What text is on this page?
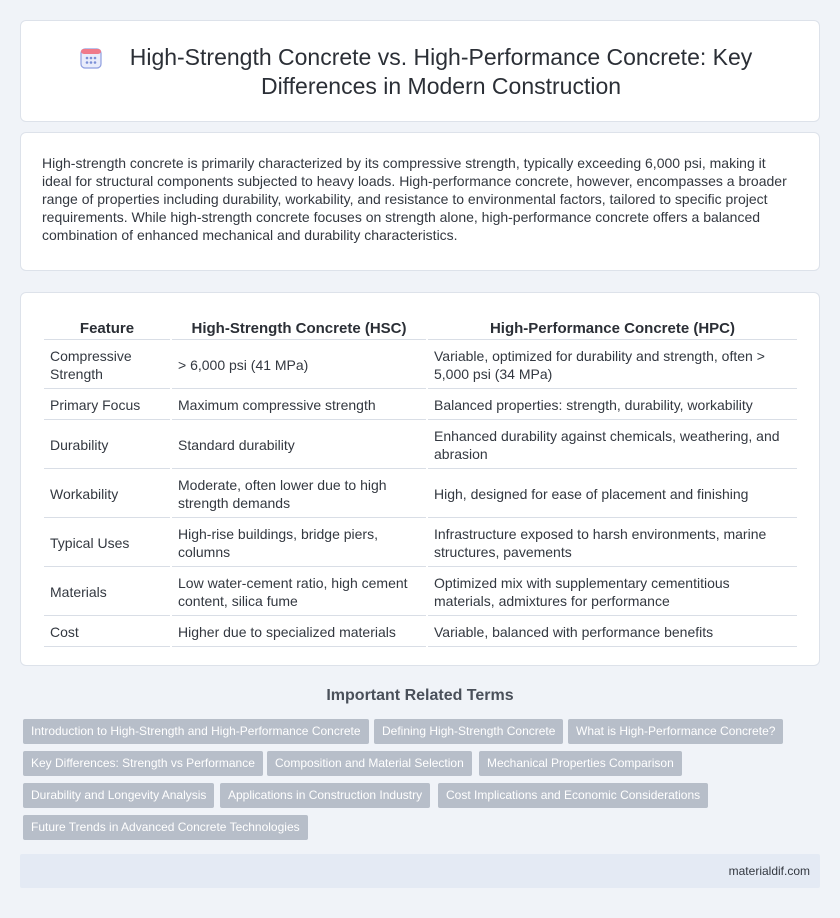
High-Strength Concrete vs. High-Performance Concrete: Key Differences in Modern Construction

High-strength concrete is primarily characterized by its compressive strength, typically exceeding 6,000 psi, making it ideal for structural components subjected to heavy loads. High-performance concrete, however, encompasses a broader range of properties including durability, workability, and resistance to environmental factors, tailored to specific project requirements. While high-strength concrete focuses on strength alone, high-performance concrete offers a balanced combination of enhanced mechanical and durability characteristics.

Feature	High-Strength Concrete (HSC)	High-Performance Concrete (HPC)
Compressive Strength	> 6,000 psi (41 MPa)	Variable, optimized for durability and strength, often > 5,000 psi (34 MPa)
Primary Focus	Maximum compressive strength	Balanced properties: strength, durability, workability
Durability	Standard durability	Enhanced durability against chemicals, weathering, and abrasion
Workability	Moderate, often lower due to high strength demands	High, designed for ease of placement and finishing
Typical Uses	High-rise buildings, bridge piers, columns	Infrastructure exposed to harsh environments, marine structures, pavements
Materials	Low water-cement ratio, high cement content, silica fume	Optimized mix with supplementary cementitious materials, admixtures for performance
Cost	Higher due to specialized materials	Variable, balanced with performance benefits
Important Related Terms
Introduction to High-Strength and High-Performance Concrete	Defining High-Strength Concrete	What is High-Performance Concrete?
Key Differences: Strength vs Performance	Composition and Material Selection	Mechanical Properties Comparison
Durability and Longevity Analysis	Applications in Construction Industry	Cost Implications and Economic Considerations
Future Trends in Advanced Concrete Technologies
materialdif.com
